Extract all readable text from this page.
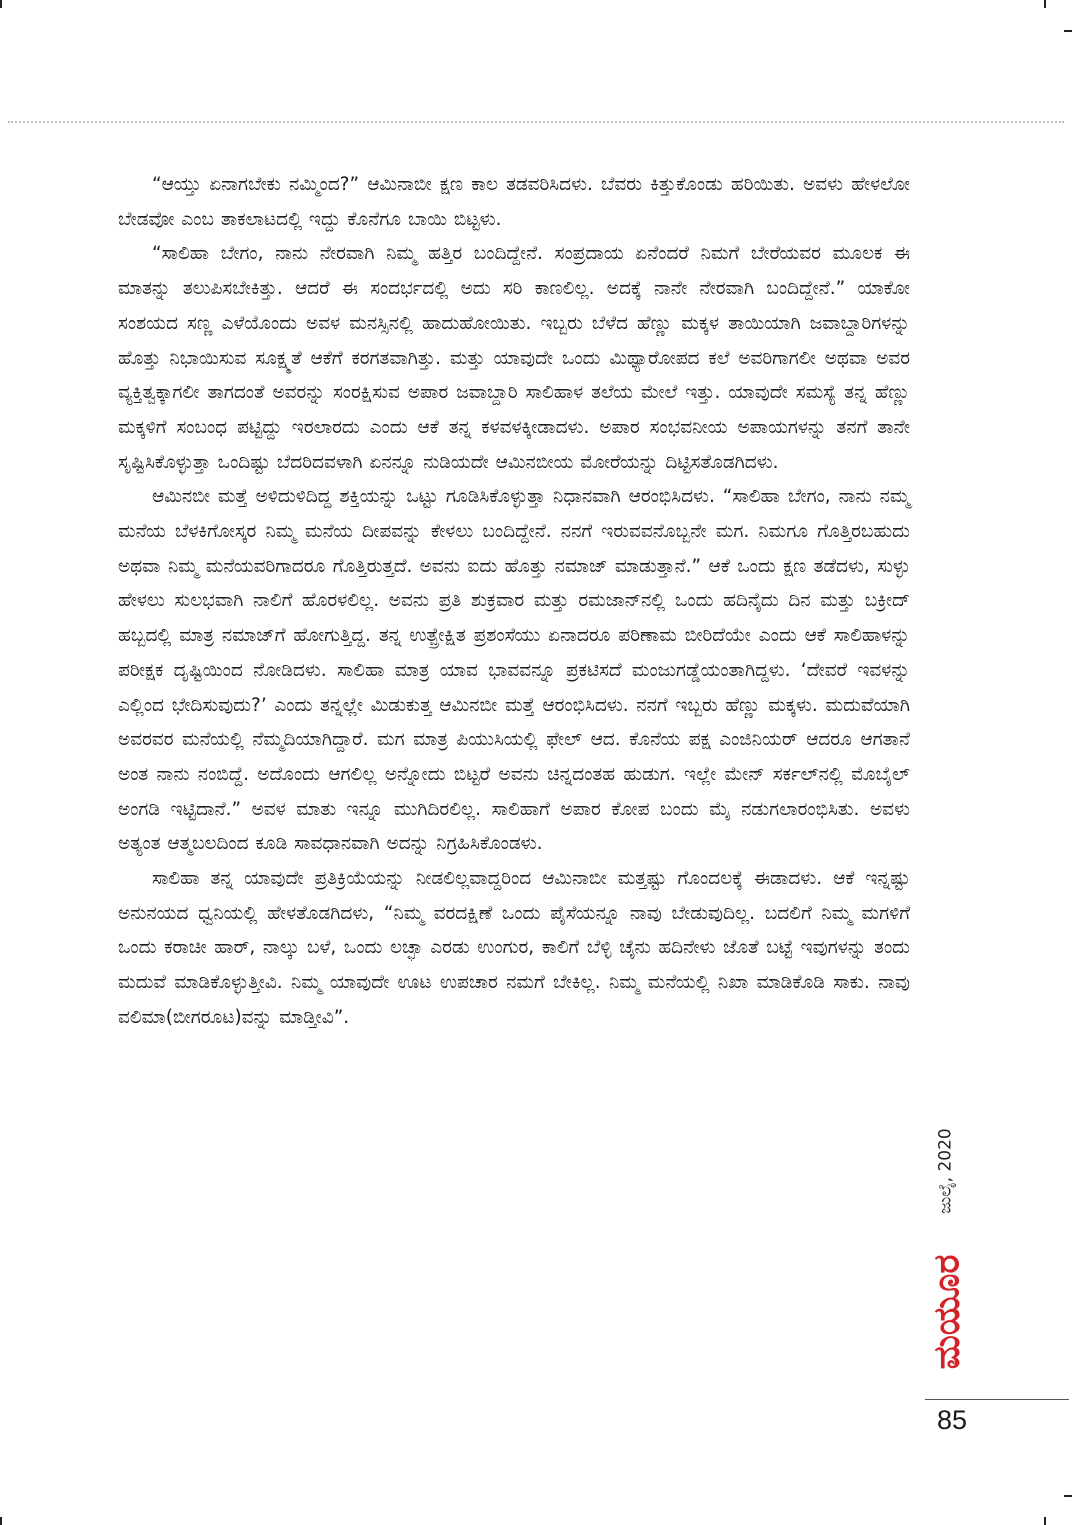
“ಆಯ್ತು ಏನಾಗಬೇಕು ನಮ್ಮಿಂದ?” ಆಮಿನಾಬೀ ಕ್ಷಣ ಕಾಲ ತಡವರಿಸಿದಳು. ಬೆವರು ಕಿತ್ತುಕೊಂಡು ಹರಿಯಿತು. ಅವಳು ಹೇಳಲೋ ಬೇಡವೋ ಎಂಬ ತಾಕಲಾಟದಲ್ಲಿ ಇದ್ದು ಕೊನೆಗೂ ಬಾಯಿ ಬಿಟ್ಟಳು.

“ಸಾಲಿಹಾ ಬೇಗಂ, ನಾನು ನೇರವಾಗಿ ನಿಮ್ಮ ಹತ್ತಿರ ಬಂದಿದ್ದೇನೆ. ಸಂಪ್ರದಾಯ ಏನೆಂದರೆ ನಿಮಗೆ ಬೇರೆಯವರ ಮೂಲಕ ಈ ಮಾತನ್ನು ತಲುಪಿಸಬೇಕಿತ್ತು. ಆದರೆ ಈ ಸಂದರ್ಭದಲ್ಲಿ ಅದು ಸರಿ ಕಾಣಲಿಲ್ಲ. ಅದಕ್ಕೆ ನಾನೇ ನೇರವಾಗಿ ಬಂದಿದ್ದೇನೆ.” ಯಾಕೋ ಸಂಶಯದ ಸಣ್ಣ ಎಳೆಯೊಂದು ಅವಳ ಮನಸ್ಸಿನಲ್ಲಿ ಹಾದುಹೋಯಿತು. ಇಬ್ಬರು ಬೆಳೆದ ಹೆಣ್ಣು ಮಕ್ಕಳ ತಾಯಿಯಾಗಿ ಜವಾಬ್ದಾರಿಗಳನ್ನು ಹೊತ್ತು ನಿಭಾಯಿಸುವ ಸೂಕ್ಷ್ಮತೆ ಆಕೆಗೆ ಕರಗತವಾಗಿತ್ತು. ಮತ್ತು ಯಾವುದೇ ಒಂದು ಮಿಥ್ಯಾರೋಪದ ಕಲೆ ಅವರಿಗಾಗಲೀ ಅಥವಾ ಅವರ ವ್ಯಕ್ತಿತ್ವಕ್ಕಾಗಲೀ ತಾಗದಂತೆ ಅವರನ್ನು ಸಂರಕ್ಷಿಸುವ ಅಪಾರ ಜವಾಬ್ದಾರಿ ಸಾಲಿಹಾಳ ತಲೆಯ ಮೇಲೆ ಇತ್ತು. ಯಾವುದೇ ಸಮಸ್ಯೆ ತನ್ನ ಹೆಣ್ಣು ಮಕ್ಕಳಿಗೆ ಸಂಬಂಧ ಪಟ್ಟಿದ್ದು ಇರಲಾರದು ಎಂದು ಆಕೆ ತನ್ನ ಕಳವಳಕ್ಕೀಡಾದಳು. ಅಪಾರ ಸಂಭವನೀಯ ಅಪಾಯಗಳನ್ನು ತನಗೆ ತಾನೇ ಸೃಷ್ಟಿಸಿಕೊಳ್ಳುತ್ತಾ ಒಂದಿಷ್ಟು ಬೆದರಿದವಳಾಗಿ ಏನನ್ನೂ ನುಡಿಯದೇ ಆಮಿನಬೀಯ ಮೋರೆಯನ್ನು ದಿಟ್ಟಿಸತೊಡಗಿದಳು.

ಆಮಿನಬೀ ಮತ್ತೆ ಅಳಿದುಳಿದಿದ್ದ ಶಕ್ತಿಯನ್ನು ಒಟ್ಟು ಗೂಡಿಸಿಕೊಳ್ಳುತ್ತಾ ನಿಧಾನವಾಗಿ ಆರಂಭಿಸಿದಳು. “ಸಾಲಿಹಾ ಬೇಗಂ, ನಾನು ನಮ್ಮ ಮನೆಯ ಬೆಳಕಿಗೋಸ್ಕರ ನಿಮ್ಮ ಮನೆಯ ದೀಪವನ್ನು ಕೇಳಲು ಬಂದಿದ್ದೇನೆ. ನನಗೆ ಇರುವವನೊಬ್ಬನೇ ಮಗ. ನಿಮಗೂ ಗೊತ್ತಿರಬಹುದು ಅಥವಾ ನಿಮ್ಮ ಮನೆಯವರಿಗಾದರೂ ಗೊತ್ತಿರುತ್ತದೆ. ಅವನು ಐದು ಹೊತ್ತು ನಮಾಜ್ ಮಾಡುತ್ತಾನೆ.” ಆಕೆ ಒಂದು ಕ್ಷಣ ತಡೆದಳು, ಸುಳ್ಳು ಹೇಳಲು ಸುಲಭವಾಗಿ ನಾಲಿಗೆ ಹೊರಳಲಿಲ್ಲ. ಅವನು ಪ್ರತಿ ಶುಕ್ರವಾರ ಮತ್ತು ರಮಜಾನ್‌ನಲ್ಲಿ ಒಂದು ಹದಿನೈದು ದಿನ ಮತ್ತು ಬಕ್ರೀದ್ ಹಬ್ಬದಲ್ಲಿ ಮಾತ್ರ ನಮಾಜ್‌ಗೆ ಹೋಗುತ್ತಿದ್ದ. ತನ್ನ ಉತ್ಪ್ರೇಕ್ಷಿತ ಪ್ರಶಂಸೆಯು ಏನಾದರೂ ಪರಿಣಾಮ ಬೀರಿದೆಯೇ ಎಂದು ಆಕೆ ಸಾಲಿಹಾಳನ್ನು ಪರೀಕ್ಷಕ ದೃಷ್ಟಿಯಿಂದ ನೋಡಿದಳು. ಸಾಲಿಹಾ ಮಾತ್ರ ಯಾವ ಭಾವವನ್ನೂ ಪ್ರಕಟಿಸದೆ ಮಂಜುಗಡ್ಡೆಯಂತಾಗಿದ್ದಳು. ‘ದೇವರೆ ಇವಳನ್ನು ಎಲ್ಲಿಂದ ಭೇದಿಸುವುದು?’ ಎಂದು ತನ್ನಲ್ಲೇ ಮಿಡುಕುತ್ತ ಆಮಿನಬೀ ಮತ್ತೆ ಆರಂಭಿಸಿದಳು. ನನಗೆ ಇಬ್ಬರು ಹೆಣ್ಣು ಮಕ್ಕಳು. ಮದುವೆಯಾಗಿ ಅವರವರ ಮನೆಯಲ್ಲಿ ನೆಮ್ಮದಿಯಾಗಿದ್ದಾರೆ. ಮಗ ಮಾತ್ರ ಪಿಯುಸಿಯಲ್ಲಿ ಫೇಲ್ ಆದ. ಕೊನೆಯ ಪಕ್ಷ ಎಂಜಿನಿಯರ್ ಆದರೂ ಆಗತಾನೆ ಅಂತ ನಾನು ನಂಬಿದ್ದೆ. ಅದೊಂದು ಆಗಲಿಲ್ಲ ಅನ್ನೋದು ಬಿಟ್ಟರೆ ಅವನು ಚಿನ್ನದಂತಹ ಹುಡುಗ. ಇಲ್ಲೇ ಮೇನ್ ಸರ್ಕಲ್‌ನಲ್ಲಿ ಮೊಬೈಲ್ ಅಂಗಡಿ ಇಟ್ಟಿದಾನೆ.” ಅವಳ ಮಾತು ಇನ್ನೂ ಮುಗಿದಿರಲಿಲ್ಲ. ಸಾಲಿಹಾಗೆ ಅಪಾರ ಕೋಪ ಬಂದು ಮೈ ನಡುಗಲಾರಂಭಿಸಿತು. ಅವಳು ಅತ್ಯಂತ ಆತ್ಮಬಲದಿಂದ ಕೂಡಿ ಸಾವಧಾನವಾಗಿ ಅದನ್ನು ನಿಗ್ರಹಿಸಿಕೊಂಡಳು.

ಸಾಲಿಹಾ ತನ್ನ ಯಾವುದೇ ಪ್ರತಿಕ್ರಿಯೆಯನ್ನು ನೀಡಲಿಲ್ಲವಾದ್ದರಿಂದ ಆಮಿನಾಬೀ ಮತ್ತಷ್ಟು ಗೊಂದಲಕ್ಕೆ ಈಡಾದಳು. ಆಕೆ ಇನ್ನಷ್ಟು ಅನುನಯದ ಧ್ವನಿಯಲ್ಲಿ ಹೇಳತೊಡಗಿದಳು, “ನಿಮ್ಮ ವರದಕ್ಷಿಣೆ ಒಂದು ಪೈಸೆಯನ್ನೂ ನಾವು ಬೇಡುವುದಿಲ್ಲ. ಬದಲಿಗೆ ನಿಮ್ಮ ಮಗಳಿಗೆ ಒಂದು ಕರಾಚೀ ಹಾರ್, ನಾಲ್ಕು ಬಳೆ, ಒಂದು ಲಚ್ಛಾ ಎರಡು ಉಂಗುರ, ಕಾಲಿಗೆ ಬೆಳ್ಳಿ ಚೈನು ಹದಿನೇಳು ಜೊತೆ ಬಟ್ಟೆ ಇವುಗಳನ್ನು ತಂದು ಮದುವೆ ಮಾಡಿಕೊಳ್ಳುತ್ತೀವಿ. ನಿಮ್ಮ ಯಾವುದೇ ಊಟ ಉಪಚಾರ ನಮಗೆ ಬೇಕಿಲ್ಲ. ನಿಮ್ಮ ಮನೆಯಲ್ಲಿ ನಿಖಾ ಮಾಡಿಕೊಡಿ ಸಾಕು. ನಾವು ವಲಿಮಾ(ಬೀಗರೂಟ)ವನ್ನು ಮಾಡ್ತೀವಿ”.

ಜುಲೈ, 2020
ಮಯೂರ
85
